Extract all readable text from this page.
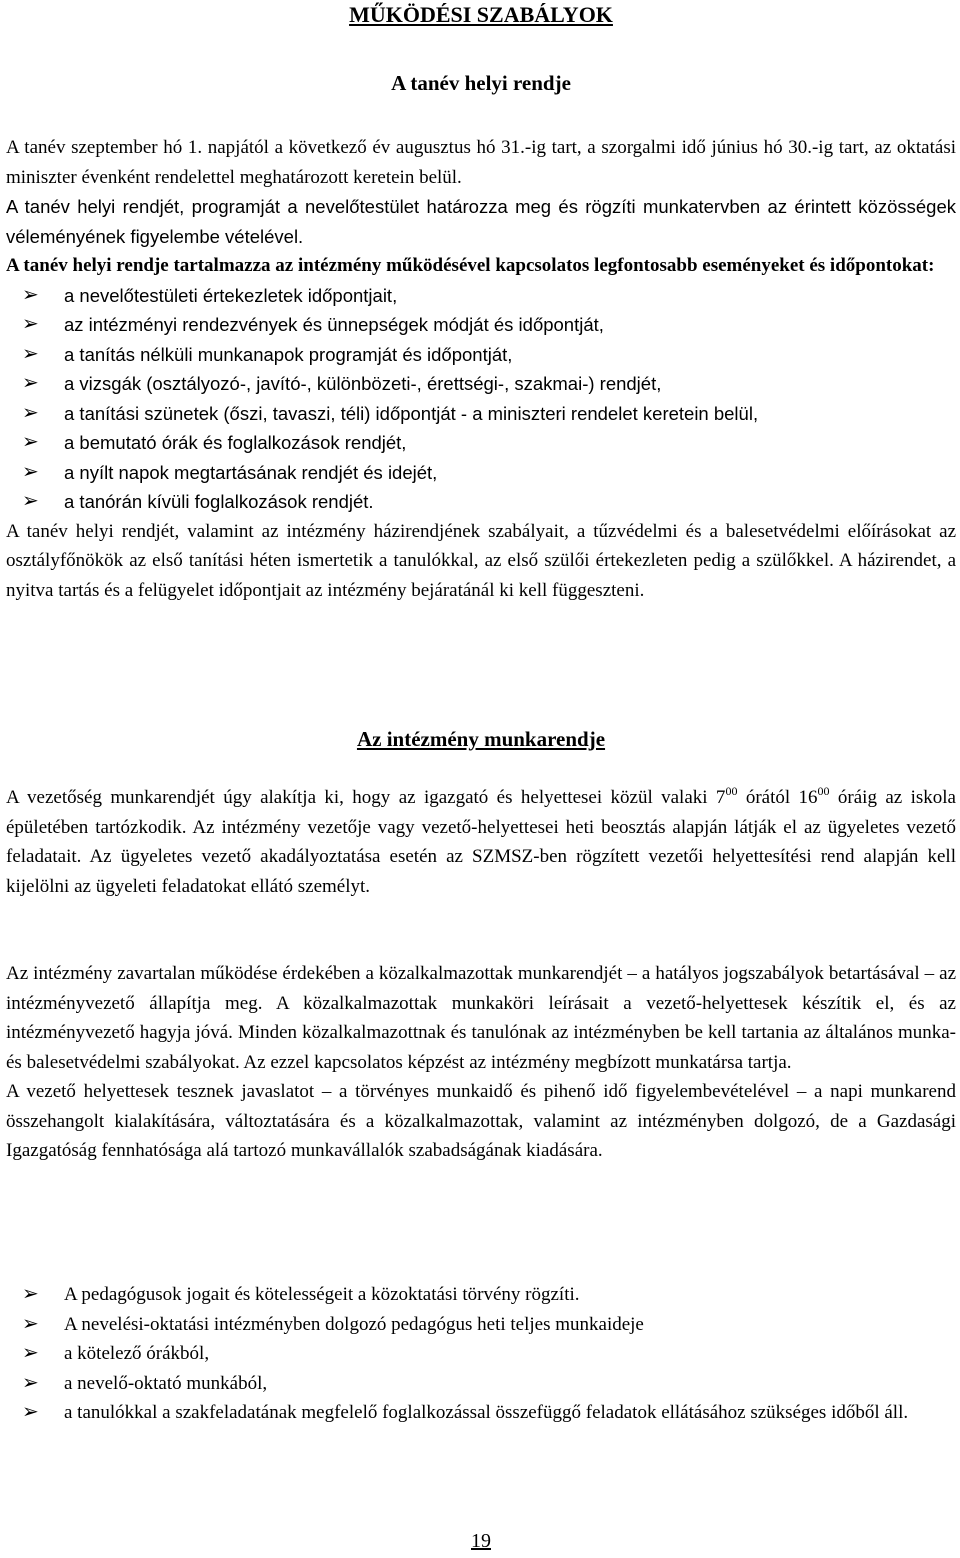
MŰKÖDÉSI SZABÁLYOK
A tanév helyi rendje

A tanév szeptember hó 1. napjától a következő év augusztus hó 31.-ig tart, a szorgalmi idő június hó 30.-ig tart, az oktatási miniszter évenként rendelettel meghatározott keretein belül.

A tanév helyi rendjét, programját a nevelőtestület határozza meg és rögzíti munkatervben az érintett közösségek véleményének figyelembe vételével.

A tanév helyi rendje tartalmazza az intézmény működésével kapcsolatos legfontosabb eseményeket és időpontokat:

➢ a nevelőtestületi értekezletek időpontjait,
➢ az intézményi rendezvények és ünnepségek módját és időpontját,
➢ a tanítás nélküli munkanapok programját és időpontját,
➢ a vizsgák (osztályozó-, javító-, különbözeti-, érettségi-, szakmai-) rendjét,
➢ a tanítási szünetek (őszi, tavaszi, téli) időpontját - a miniszteri rendelet keretein belül,
➢ a bemutató órák és foglalkozások rendjét,
➢ a nyílt napok megtartásának rendjét és idejét,
➢ a tanórán kívüli foglalkozások rendjét.

A tanév helyi rendjét, valamint az intézmény házirendjének szabályait, a tűzvédelmi és a balesetvédelmi előírásokat az osztályfőnökök az első tanítási héten ismertetik a tanulókkal, az első szülői értekezleten pedig a szülőkkel. A házirendet, a nyitva tartás és a felügyelet időpontjait az intézmény bejáratánál ki kell függeszteni.

Az intézmény munkarendje

A vezetőség munkarendjét úgy alakítja ki, hogy az igazgató és helyettesei közül valaki $7^{00}$ órától $16^{00}$ óráig az iskola épületében tartózkodik. Az intézmény vezetője vagy vezető-helyettesei heti beosztás alapján látják el az ügyeletes vezető feladatait. Az ügyeletes vezető akadályoztatása esetén az SZMSZ-ben rögzített vezetői helyettesítési rend alapján kell kijelölni az ügyeleti feladatokat ellátó személyt.

Az intézmény zavartalan működése érdekében a közalkalmazottak munkarendjét – a hatályos jogszabályok betartásával – az intézményvezető állapítja meg. A közalkalmazottak munkaköri leírásait a vezető-helyettesek készítik el, és az intézményvezető hagyja jóvá. Minden közalkalmazottnak és tanulónak az intézményben be kell tartania az általános munka- és balesetvédelmi szabályokat. Az ezzel kapcsolatos képzést az intézmény megbízott munkatársa tartja.

A vezető helyettesek tesznek javaslatot – a törvényes munkaidő és pihenő idő figyelembevételével – a napi munkarend összehangolt kialakítására, változtatására és a közalkalmazottak, valamint az intézményben dolgozó, de a Gazdasági Igazgatóság fennhatósága alá tartozó munkavállalók szabadságának kiadására.

➢ A pedagógusok jogait és kötelességeit a közoktatási törvény rögzíti.
➢ A nevelési-oktatási intézményben dolgozó pedagógus heti teljes munkaideje
➢ a kötelező órákból,
➢ a nevelő-oktató munkából,
➢ a tanulókkal a szakfeladatának megfelelő foglalkozással összefüggő feladatok ellátásához szükséges időből áll.
19
